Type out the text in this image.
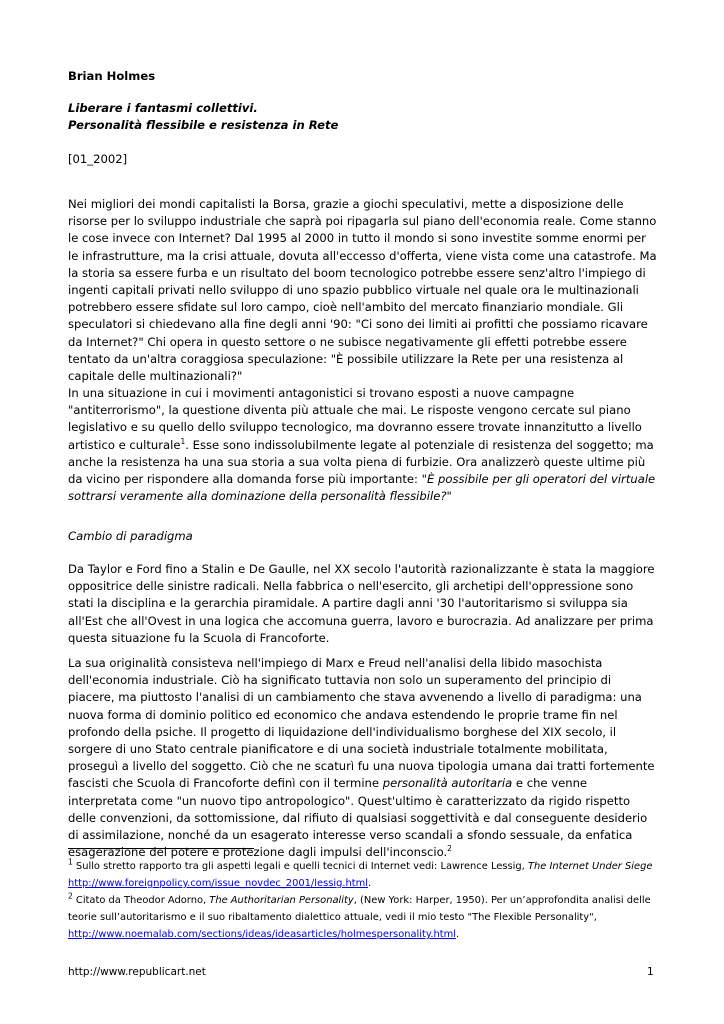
Brian Holmes

Liberare i fantasmi collettivi.
Personalità flessibile e resistenza in Rete

[01_2002]

Nei migliori dei mondi capitalisti la Borsa, grazie a giochi speculativi, mette a disposizione delle risorse per lo sviluppo industriale che saprà poi ripagarla sul piano dell'economia reale. Come stanno le cose invece con Internet? Dal 1995 al 2000 in tutto il mondo si sono investite somme enormi per le infrastrutture, ma la crisi attuale, dovuta all'eccesso d'offerta, viene vista come una catastrofe. Ma la storia sa essere furba e un risultato del boom tecnologico potrebbe essere senz'altro l'impiego di ingenti capitali privati nello sviluppo di uno spazio pubblico virtuale nel quale ora le multinazionali potrebbero essere sfidate sul loro campo, cioè nell'ambito del mercato finanziario mondiale. Gli speculatori si chiedevano alla fine degli anni '90: "Ci sono dei limiti ai profitti che possiamo ricavare da Internet?" Chi opera in questo settore o ne subisce negativamente gli effetti potrebbe essere tentato da un'altra coraggiosa speculazione: "È possibile utilizzare la Rete per una resistenza al capitale delle multinazionali?"

In una situazione in cui i movimenti antagonistici si trovano esposti a nuove campagne "antiterrorismo", la questione diventa più attuale che mai. Le risposte vengono cercate sul piano legislativo e su quello dello sviluppo tecnologico, ma dovranno essere trovate innanzitutto a livello artistico e culturale$^1$. Esse sono indissolubilmente legate al potenziale di resistenza del soggetto; ma anche la resistenza ha una sua storia a sua volta piena di furbizie. Ora analizzerò queste ultime più da vicino per rispondere alla domanda forse più importante: "È possibile per gli operatori del virtuale sottrarsi veramente alla dominazione della personalità flessibile?"

Cambio di paradigma

Da Taylor e Ford fino a Stalin e De Gaulle, nel XX secolo l'autorità razionalizzante è stata la maggiore oppositrice delle sinistre radicali. Nella fabbrica o nell'esercito, gli archetipi dell'oppressione sono stati la disciplina e la gerarchia piramidale. A partire dagli anni '30 l'autoritarismo si sviluppa sia all'Est che all'Ovest in una logica che accomuna guerra, lavoro e burocrazia. Ad analizzare per prima questa situazione fu la Scuola di Francoforte.

La sua originalità consisteva nell'impiego di Marx e Freud nell'analisi della libido masochista dell'economia industriale. Ciò ha significato tuttavia non solo un superamento del principio di piacere, ma piuttosto l'analisi di un cambiamento che stava avvenendo a livello di paradigma: una nuova forma di dominio politico ed economico che andava estendendo le proprie trame fin nel profondo della psiche. Il progetto di liquidazione dell'individualismo borghese del XIX secolo, il sorgere di uno Stato centrale pianificatore e di una società industriale totalmente mobilitata, proseguì a livello del soggetto. Ciò che ne scaturì fu una nuova tipologia umana dai tratti fortemente fascisti che Scuola di Francoforte definì con il termine personalità autoritaria e che venne interpretata come "un nuovo tipo antropologico". Quest'ultimo è caratterizzato da rigido rispetto delle convenzioni, da sottomissione, dal rifiuto di qualsiasi soggettività e dal conseguente desiderio di assimilazione, nonché da un esagerato interesse verso scandali a sfondo sessuale, da enfatica esagerazione del potere e protezione dagli impulsi dell'inconscio.$^2$

$^1$ Sullo stretto rapporto tra gli aspetti legali e quelli tecnici di Internet vedi: Lawrence Lessig, The Internet Under Siege
http://www.foreignpolicy.com/issue_novdec_2001/lessig.html.

$^2$ Citato da Theodor Adorno, The Authoritarian Personality, (New York: Harper, 1950). Per un’approfondita analisi delle teorie sull’autoritarismo e il suo ribaltamento dialettico attuale, vedi il mio testo "The Flexible Personality", http://www.noemalab.com/sections/ideas/ideasarticles/holmespersonality.html.

http://www.republicart.net	1
